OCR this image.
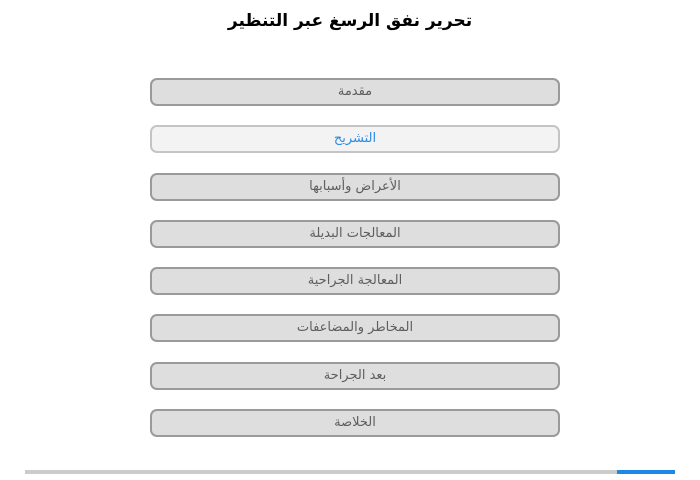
تحرير نفق الرسغ عبر التنظير
مقدمة
التشريح
الأعراض وأسبابها
المعالجات البديلة
المعالجة الجراحية
المخاطر والمضاعفات
بعد الجراحة
الخلاصة
